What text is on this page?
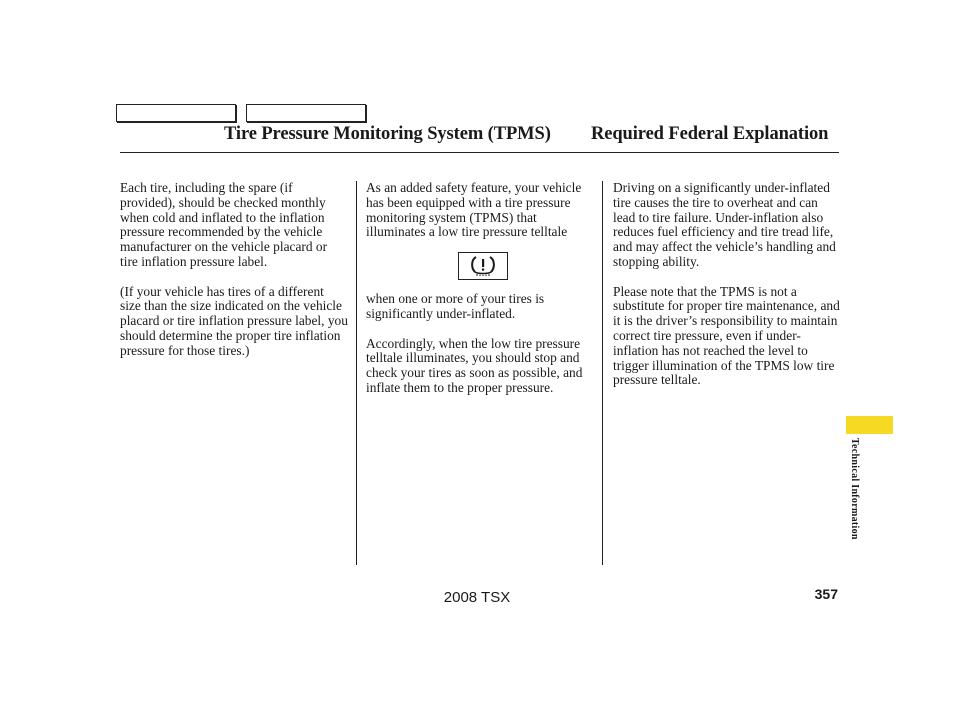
Tire Pressure Monitoring System (TPMS) Required Federal Explanation

Each tire, including the spare (if provided), should be checked monthly when cold and inflated to the inflation pressure recommended by the vehicle manufacturer on the vehicle placard or tire inflation pressure label.

(If your vehicle has tires of a different size than the size indicated on the vehicle placard or tire inflation pressure label, you should determine the proper tire inflation pressure for those tires.)

As an added safety feature, your vehicle has been equipped with a tire pressure monitoring system (TPMS) that illuminates a low tire pressure telltale

when one or more of your tires is significantly under-inflated.

Accordingly, when the low tire pressure telltale illuminates, you should stop and check your tires as soon as possible, and inflate them to the proper pressure.

Driving on a significantly under-inflated tire causes the tire to overheat and can lead to tire failure. Under-inflation also reduces fuel efficiency and tire tread life, and may affect the vehicle’s handling and stopping ability.

Please note that the TPMS is not a substitute for proper tire maintenance, and it is the driver’s responsibility to maintain correct tire pressure, even if under-inflation has not reached the level to trigger illumination of the TPMS low tire pressure telltale.

Technical Information
2008 TSX	357
